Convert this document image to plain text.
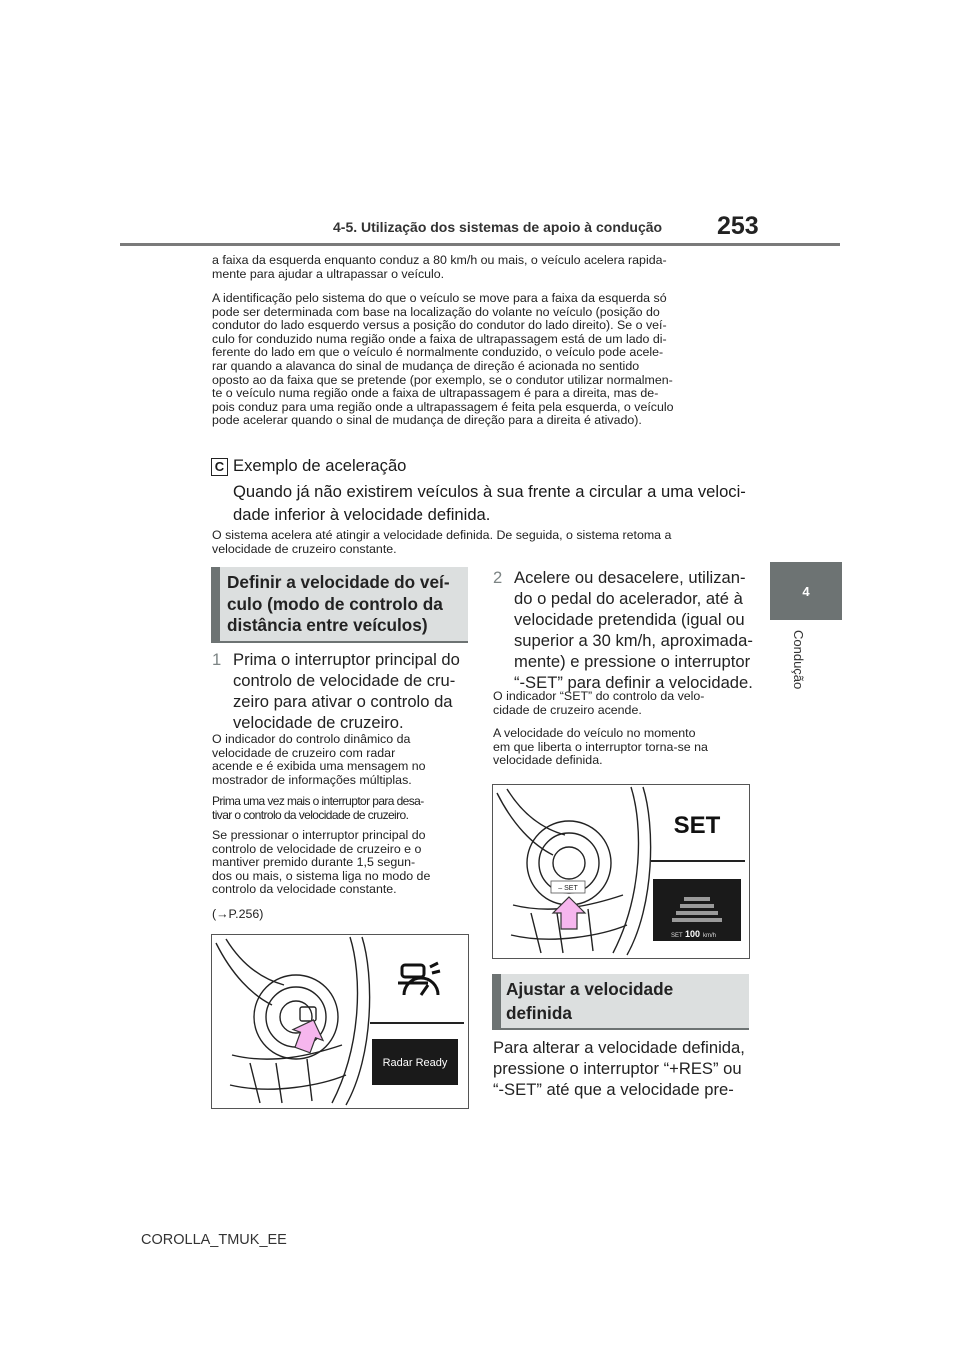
4-5. Utilização dos sistemas de apoio à condução 253
4
Condução
a faixa da esquerda enquanto conduz a 80 km/h ou mais, o veículo acelera rapida-
mente para ajudar a ultrapassar o veículo.
A identificação pelo sistema do que o veículo se move para a faixa da esquerda só
pode ser determinada com base na localização do volante no veículo (posição do
condutor do lado esquerdo versus a posição do condutor do lado direito). Se o veí-
culo for conduzido numa região onde a faixa de ultrapassagem está de um lado di-
ferente do lado em que o veículo é normalmente conduzido, o veículo pode acele-
rar quando a alavanca do sinal de mudança de direção é acionada no sentido
oposto ao da faixa que se pretende (por exemplo, se o condutor utilizar normalmen-
te o veículo numa região onde a faixa de ultrapassagem é para a direita, mas de-
pois conduz para uma região onde a ultrapassagem é feita pela esquerda, o veículo
pode acelerar quando o sinal de mudança de direção para a direita é ativado).
C Exemplo de aceleração
Quando já não existirem veículos à sua frente a circular a uma veloci-
dade inferior à velocidade definida.
O sistema acelera até atingir a velocidade definida. De seguida, o sistema retoma a
velocidade de cruzeiro constante.
Definir a velocidade do veí-
culo (modo de controlo da
distância entre veículos)
1 Prima o interruptor principal do
controlo de velocidade de cru-
zeiro para ativar o controlo da
velocidade de cruzeiro.
O indicador do controlo dinâmico da
velocidade de cruzeiro com radar
acende e é exibida uma mensagem no
mostrador de informações múltiplas.
Prima uma vez mais o interruptor para desa-
tivar o controlo da velocidade de cruzeiro.
Se pressionar o interruptor principal do
controlo de velocidade de cruzeiro e o
mantiver premido durante 1,5 segun-
dos ou mais, o sistema liga no modo de
controlo da velocidade constante.
(→P.256)
Radar Ready
2 Acelere ou desacelere, utilizan-
do o pedal do acelerador, até à
velocidade pretendida (igual ou
superior a 30 km/h, aproximada-
mente) e pressione o interruptor
“-SET” para definir a velocidade.
O indicador “SET” do controlo da velo-
cidade de cruzeiro acende.
A velocidade do veículo no momento
em que liberta o interruptor torna-se na
velocidade definida.
– SET
SET
SET 100 km/h
Ajustar a velocidade
definida
Para alterar a velocidade definida,
pressione o interruptor “+RES” ou
“-SET” até que a velocidade pre-
COROLLA_TMUK_EE
